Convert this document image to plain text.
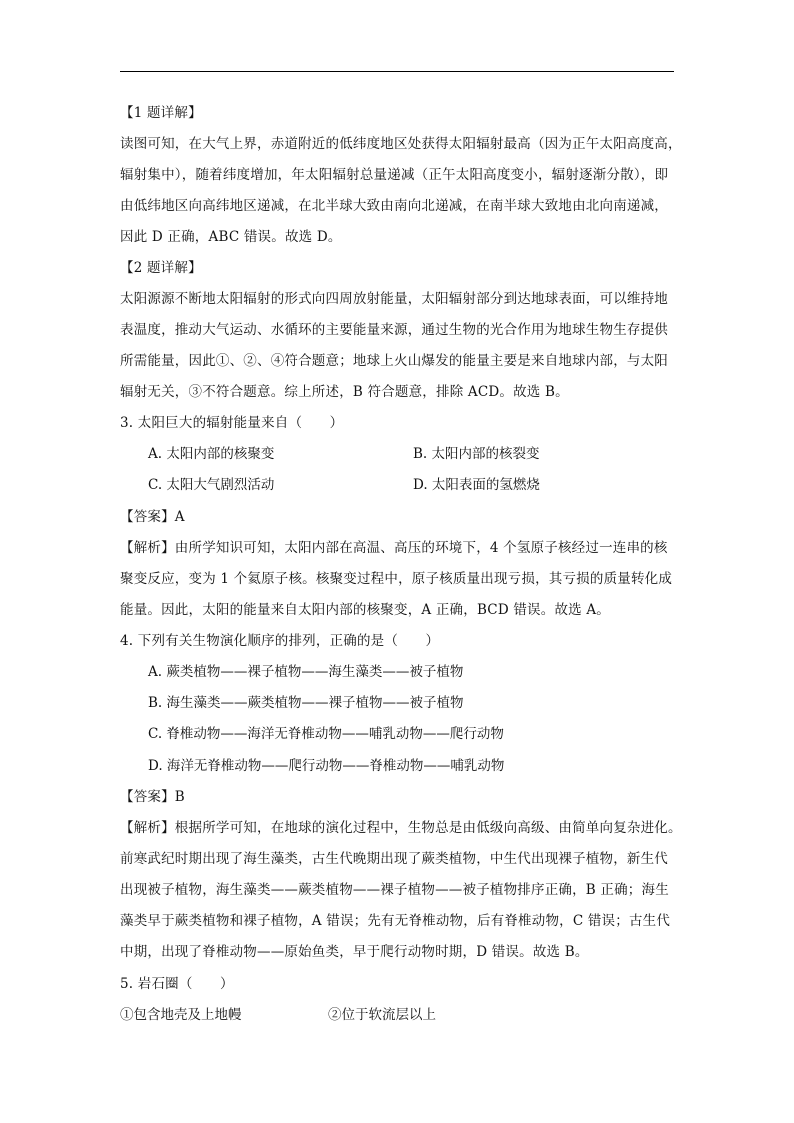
【1 题详解】
读图可知，在大气上界，赤道附近的低纬度地区处获得太阳辐射最高（因为正午太阳高度高，
辐射集中），随着纬度增加，年太阳辐射总量递减（正午太阳高度变小，辐射逐渐分散），即
由低纬地区向高纬地区递减，在北半球大致由南向北递减，在南半球大致地由北向南递减，
因此 D 正确，ABC 错误。故选 D。
【2 题详解】
太阳源源不断地太阳辐射的形式向四周放射能量，太阳辐射部分到达地球表面，可以维持地
表温度，推动大气运动、水循环的主要能量来源，通过生物的光合作用为地球生物生存提供
所需能量，因此①、②、④符合题意；地球上火山爆发的能量主要是来自地球内部，与太阳
辐射无关，③不符合题意。综上所述，B 符合题意，排除 ACD。故选 B。
3. 太阳巨大的辐射能量来自（　　）
A. 太阳内部的核聚变	B. 太阳内部的核裂变
C. 太阳大气剧烈活动	D. 太阳表面的氢燃烧
【答案】A
【解析】由所学知识可知，太阳内部在高温、高压的环境下，4 个氢原子核经过一连串的核
聚变反应，变为 1 个氦原子核。核聚变过程中，原子核质量出现亏损，其亏损的质量转化成
能量。因此，太阳的能量来自太阳内部的核聚变，A 正确，BCD 错误。故选 A。
4. 下列有关生物演化顺序的排列，正确的是（　　）
A. 蕨类植物——裸子植物——海生藻类——被子植物
B. 海生藻类——蕨类植物——裸子植物——被子植物
C. 脊椎动物——海洋无脊椎动物——哺乳动物——爬行动物
D. 海洋无脊椎动物——爬行动物——脊椎动物——哺乳动物
【答案】B
【解析】根据所学可知，在地球的演化过程中，生物总是由低级向高级、由简单向复杂进化。
前寒武纪时期出现了海生藻类，古生代晚期出现了蕨类植物，中生代出现裸子植物，新生代
出现被子植物，海生藻类——蕨类植物——裸子植物——被子植物排序正确，B 正确；海生
藻类早于蕨类植物和裸子植物，A 错误；先有无脊椎动物，后有脊椎动物，C 错误；古生代
中期，出现了脊椎动物——原始鱼类，早于爬行动物时期，D 错误。故选 B。
5. 岩石圈（　　）
①包含地壳及上地幔	②位于软流层以上
